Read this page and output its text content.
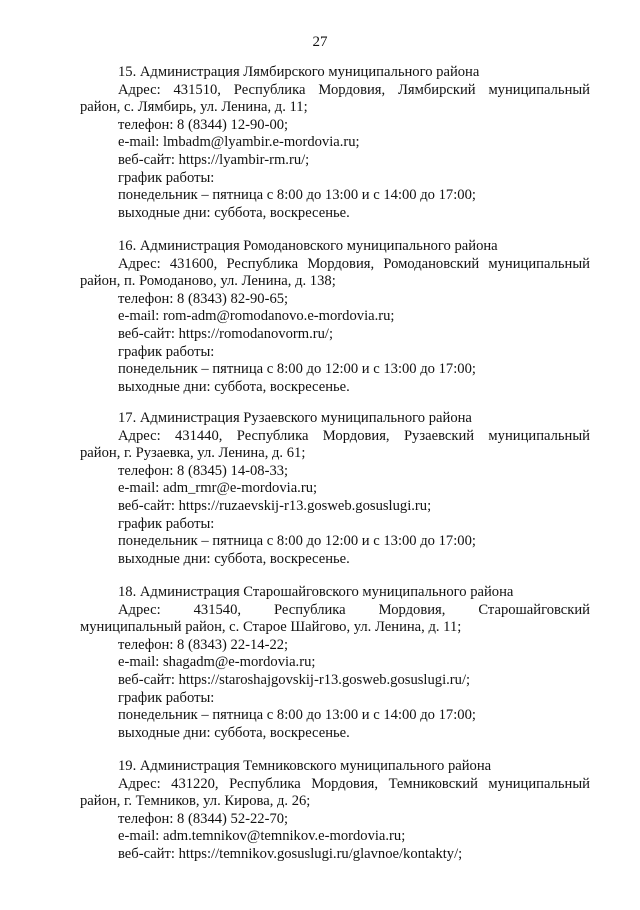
27
15. Администрация Лямбирского муниципального района
Адрес: 431510, Республика Мордовия, Лямбирский муниципальный
район, с. Лямбирь, ул. Ленина, д. 11;
телефон: 8 (8344) 12-90-00;
e-mail: lmbadm@lyambir.e-mordovia.ru;
веб-сайт: https://lyambir-rm.ru/;
график работы:
понедельник – пятница с 8:00 до 13:00 и с 14:00 до 17:00;
выходные дни: суббота, воскресенье.
16. Администрация Ромодановского муниципального района
Адрес: 431600, Республика Мордовия, Ромодановский муниципальный
район, п. Ромоданово, ул. Ленина, д. 138;
телефон: 8 (8343) 82-90-65;
e-mail: rom-adm@romodanovo.e-mordovia.ru;
веб-сайт: https://romodanovorm.ru/;
график работы:
понедельник – пятница с 8:00 до 12:00 и с 13:00 до 17:00;
выходные дни: суббота, воскресенье.
17. Администрация Рузаевского муниципального района
Адрес: 431440, Республика Мордовия, Рузаевский муниципальный
район, г. Рузаевка, ул. Ленина, д. 61;
телефон: 8 (8345) 14-08-33;
e-mail: adm_rmr@e-mordovia.ru;
веб-сайт: https://ruzaevskij-r13.gosweb.gosuslugi.ru;
график работы:
понедельник – пятница с 8:00 до 12:00 и с 13:00 до 17:00;
выходные дни: суббота, воскресенье.
18. Администрация Старошайговского муниципального района
Адрес: 431540, Республика Мордовия, Старошайговский
муниципальный район, с. Старое Шайгово, ул. Ленина, д. 11;
телефон: 8 (8343) 22-14-22;
e-mail: shagadm@e-mordovia.ru;
веб-сайт: https://staroshajgovskij-r13.gosweb.gosuslugi.ru/;
график работы:
понедельник – пятница с 8:00 до 13:00 и с 14:00 до 17:00;
выходные дни: суббота, воскресенье.
19. Администрация Темниковского муниципального района
Адрес: 431220, Республика Мордовия, Темниковский муниципальный
район, г. Темников, ул. Кирова, д. 26;
телефон: 8 (8344) 52-22-70;
e-mail: adm.temnikov@temnikov.e-mordovia.ru;
веб-сайт: https://temnikov.gosuslugi.ru/glavnoe/kontakty/;
